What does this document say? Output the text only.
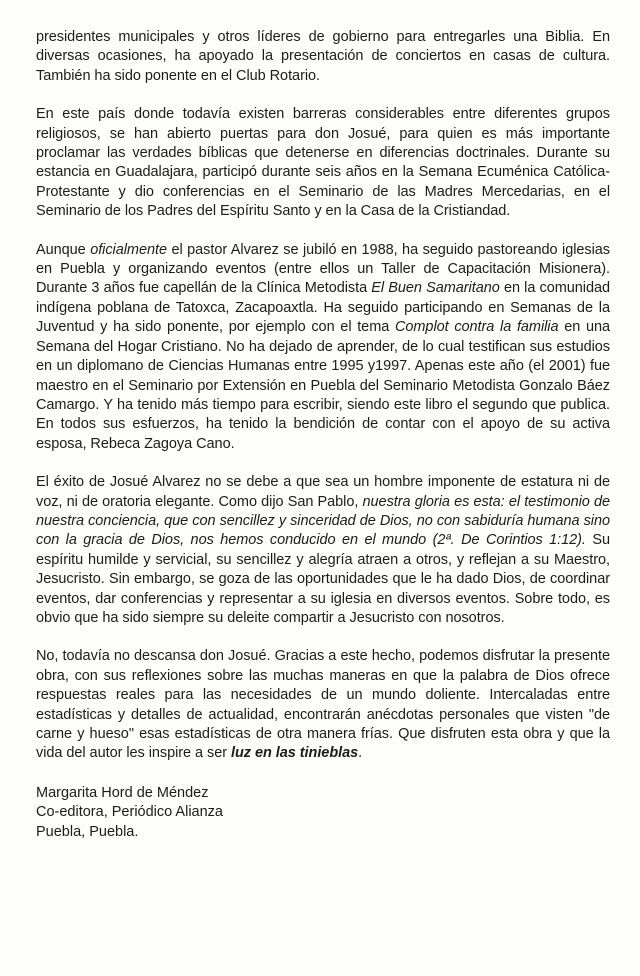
presidentes municipales y otros líderes de gobierno para entregarles una Biblia. En diversas ocasiones, ha apoyado la presentación de conciertos en casas de cultura. También ha sido ponente en el Club Rotario.

En este país donde todavía existen barreras considerables entre diferentes grupos religiosos, se han abierto puertas para don Josué, para quien es más importante proclamar las verdades bíblicas que detenerse en diferencias doctrinales. Durante su estancia en Guadalajara, participó durante seis años en la Semana Ecuménica Católica-Protestante y dio conferencias en el Seminario de las Madres Mercedarias, en el Seminario de los Padres del Espíritu Santo y en la Casa de la Cristiandad.

Aunque oficialmente el pastor Alvarez se jubiló en 1988, ha seguido pastoreando iglesias en Puebla y organizando eventos (entre ellos un Taller de Capacitación Misionera). Durante 3 años fue capellán de la Clínica Metodista El Buen Samaritano en la comunidad indígena poblana de Tatoxca, Zacapoaxtla. Ha seguido participando en Semanas de la Juventud y ha sido ponente, por ejemplo con el tema Complot contra la familia en una Semana del Hogar Cristiano. No ha dejado de aprender, de lo cual testifican sus estudios en un diplomano de Ciencias Humanas entre 1995 y1997. Apenas este año (el 2001) fue maestro en el Seminario por Extensión en Puebla del Seminario Metodista Gonzalo Báez Camargo. Y ha tenido más tiempo para escribir, siendo este libro el segundo que publica. En todos sus esfuerzos, ha tenido la bendición de contar con el apoyo de su activa esposa, Rebeca Zagoya Cano.

El éxito de Josué Alvarez no se debe a que sea un hombre imponente de estatura ni de voz, ni de oratoria elegante. Como dijo San Pablo, nuestra gloria es esta: el testimonio de nuestra conciencia, que con sencillez y sinceridad de Dios, no con sabiduría humana sino con la gracia de Dios, nos hemos conducido en el mundo (2ª. De Corintios 1:12). Su espíritu humilde y servicial, su sencillez y alegría atraen a otros, y reflejan a su Maestro, Jesucristo. Sin embargo, se goza de las oportunidades que le ha dado Dios, de coordinar eventos, dar conferencias y representar a su iglesia en diversos eventos. Sobre todo, es obvio que ha sido siempre su deleite compartir a Jesucristo con nosotros.

No, todavía no descansa don Josué. Gracias a este hecho, podemos disfrutar la presente obra, con sus reflexiones sobre las muchas maneras en que la palabra de Dios ofrece respuestas reales para las necesidades de un mundo doliente. Intercaladas entre estadísticas y detalles de actualidad, encontrarán anécdotas personales que visten "de carne y hueso" esas estadísticas de otra manera frías. Que disfruten esta obra y que la vida del autor les inspire a ser luz en las tinieblas.

Margarita Hord de Méndez
Co-editora, Periódico Alianza
Puebla, Puebla.
